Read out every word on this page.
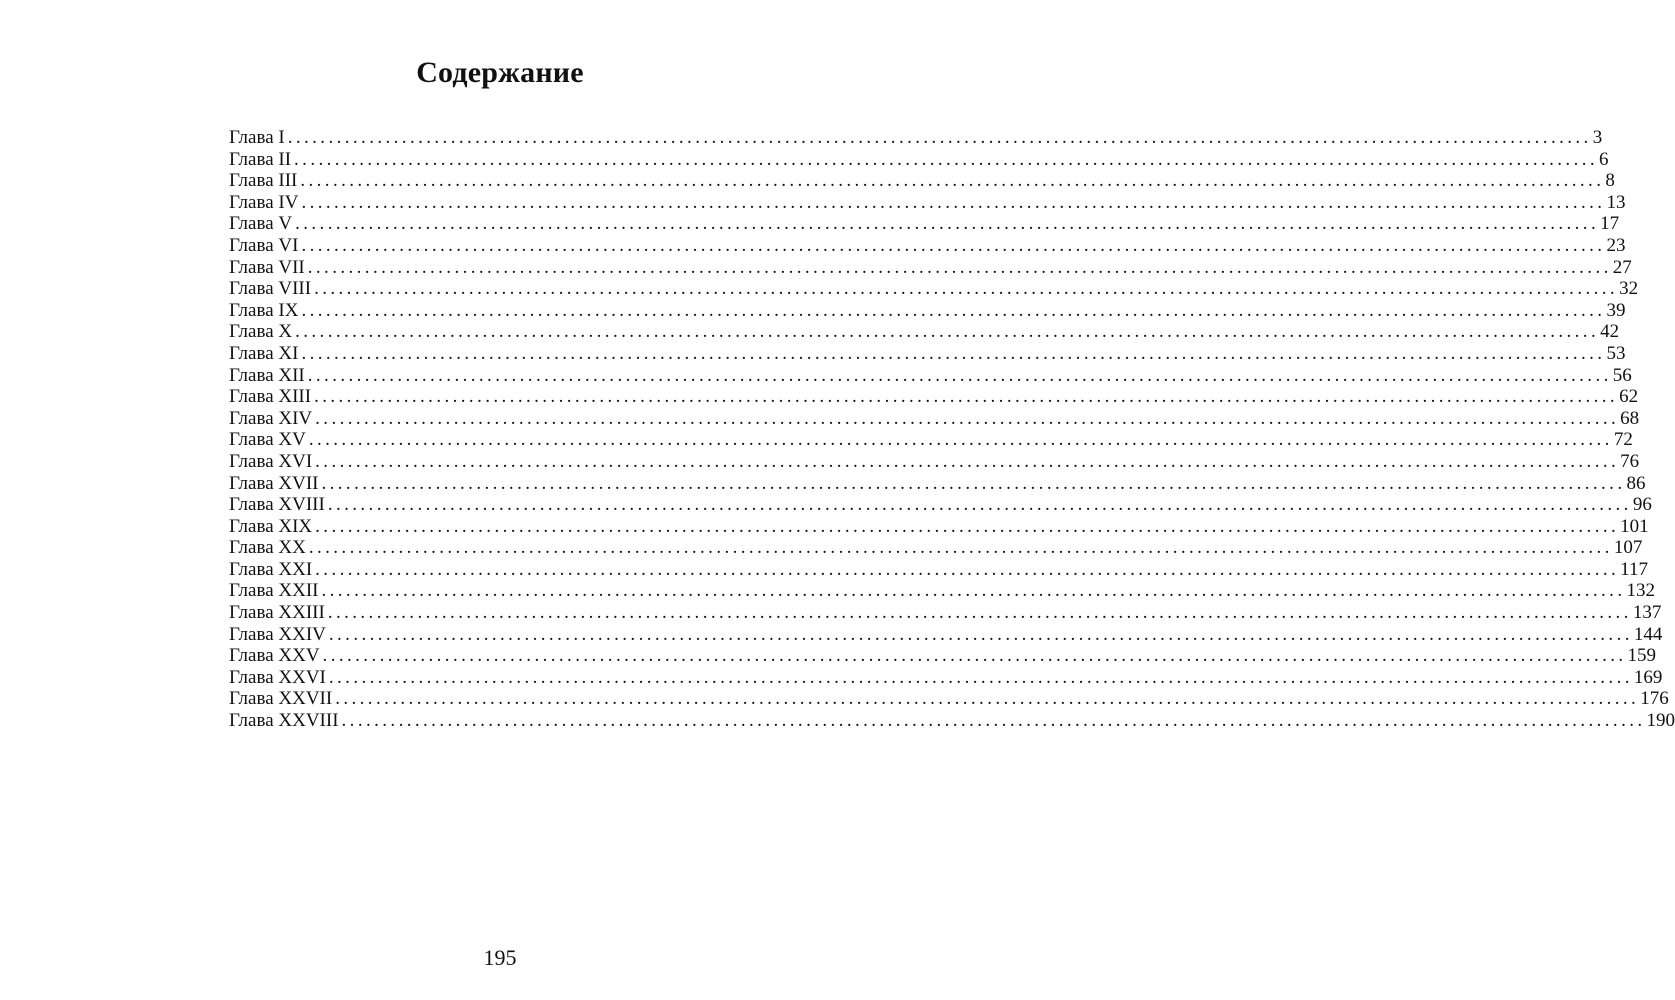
Содержание
Глава I ................................................................................................................................................................ 3
Глава II ................................................................................................................................................................ 6
Глава III ................................................................................................................................................................ 8
Глава IV ................................................................................................................................................................ 13
Глава V ................................................................................................................................................................ 17
Глава VI ................................................................................................................................................................ 23
Глава VII ................................................................................................................................................................ 27
Глава VIII ................................................................................................................................................................ 32
Глава IX ................................................................................................................................................................ 39
Глава X ................................................................................................................................................................ 42
Глава XI ................................................................................................................................................................ 53
Глава XII ................................................................................................................................................................ 56
Глава XIII ................................................................................................................................................................ 62
Глава XIV ................................................................................................................................................................ 68
Глава XV ................................................................................................................................................................ 72
Глава XVI ................................................................................................................................................................ 76
Глава XVII ................................................................................................................................................................ 86
Глава XVIII ................................................................................................................................................................ 96
Глава XIX ................................................................................................................................................................ 101
Глава XX ................................................................................................................................................................ 107
Глава XXI ................................................................................................................................................................ 117
Глава XXII ................................................................................................................................................................ 132
Глава XXIII ................................................................................................................................................................ 137
Глава XXIV ................................................................................................................................................................ 144
Глава XXV ................................................................................................................................................................ 159
Глава XXVI ................................................................................................................................................................ 169
Глава XXVII ................................................................................................................................................................ 176
Глава XXVIII ................................................................................................................................................................ 190
195
